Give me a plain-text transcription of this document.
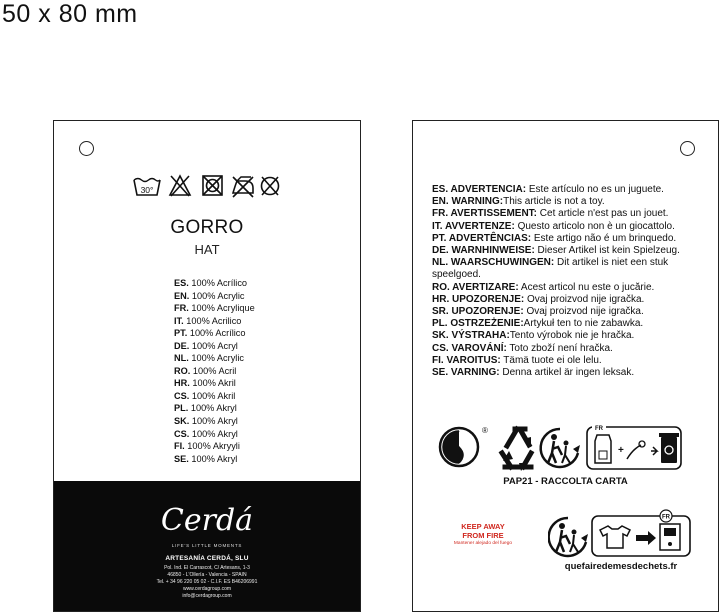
50 x 80 mm
30°
GORRO
HAT
ES. 100% Acrílico
EN. 100% Acrylic
FR. 100% Acrylique
IT. 100% Acrilico
PT. 100% Acrílico
DE. 100% Acryl
NL. 100% Acrylic
RO. 100% Acril
HR. 100% Akril
CS. 100% Akril
PL. 100% Akryl
SK. 100% Akryl
CS. 100% Akryl
FI. 100% Akryyli
SE. 100% Akryl
Cerdá
LIFE'S LITTLE MOMENTS
ARTESANÍA CERDÁ, SLU
Pol. Ind. El Carrascot, C/ Artesans, 1-3
46850 - L'Ollería - Valencia - SPAIN
Tel. + 34 96 220 05 02 - C.I.F. ES B46206991
www.cerdagroup.com
info@cerdagroup.com
ES. ADVERTENCIA: Este artículo no es un juguete.
EN. WARNING:This article is not a toy.
FR. AVERTISSEMENT: Cet article n'est pas un jouet.
IT. AVVERTENZE: Questo articolo non è un giocattolo.
PT. ADVERTÊNCIAS: Este artigo não é um brinquedo.
DE. WARNHINWEISE: Dieser Artikel ist kein Spielzeug.
NL. WAARSCHUWINGEN: Dit artikel is niet een stuk
speelgoed.
RO. AVERTIZARE: Acest articol nu este o jucărie.
HR. UPOZORENJE: Ovaj proizvod nije igračka.
SR. UPOZORENJE: Ovaj proizvod nije igračka.
PL. OSTRZEŻENIE:Artykuł ten to nie zabawka.
SK. VÝSTRAHA:Tento výrobok nie je hračka.
CS. VAROVÁNÍ: Toto zboží není hračka.
FI. VAROITUS: Tämä tuote ei ole lelu.
SE. VARNING: Denna artikel är ingen leksak.
®	FR
+
PAP21 - RACCOLTA CARTA
KEEP AWAY
FROM FIRE
Mantener alejado del fuego
FR
quefairedemesdechets.fr
